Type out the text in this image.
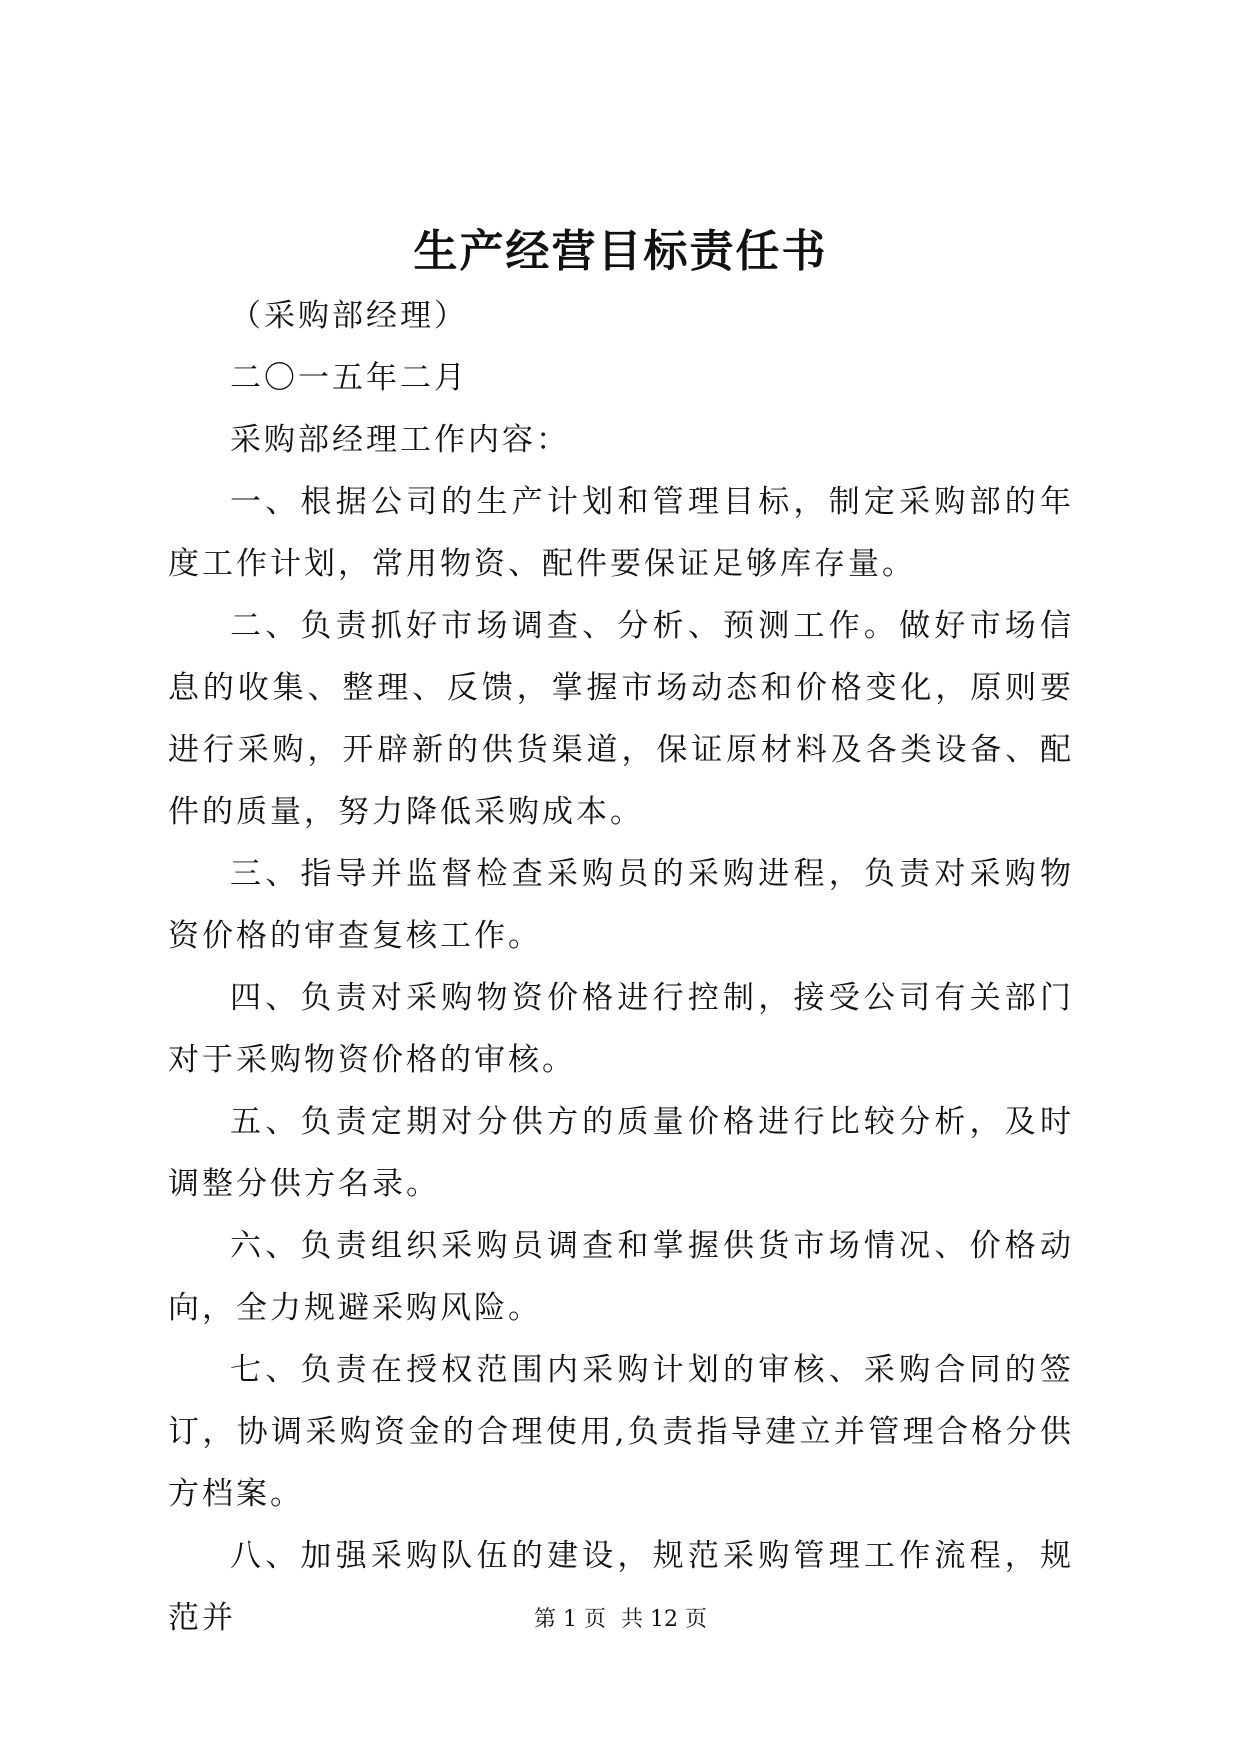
生产经营目标责任书

（采购部经理）

二〇一五年二月

采购部经理工作内容：

一、根据公司的生产计划和管理目标，制定采购部的年度工作计划，常用物资、配件要保证足够库存量。

二、负责抓好市场调查、分析、预测工作。做好市场信息的收集、整理、反馈，掌握市场动态和价格变化，原则要进行采购，开辟新的供货渠道，保证原材料及各类设备、配件的质量，努力降低采购成本。

三、指导并监督检查采购员的采购进程，负责对采购物资价格的审查复核工作。

四、负责对采购物资价格进行控制，接受公司有关部门对于采购物资价格的审核。

五、负责定期对分供方的质量价格进行比较分析，及时调整分供方名录。

六、负责组织采购员调查和掌握供货市场情况、价格动向，全力规避采购风险。

七、负责在授权范围内采购计划的审核、采购合同的签订，协调采购资金的合理使用,负责指导建立并管理合格分供方档案。

八、加强采购队伍的建设，规范采购管理工作流程，规范并	第 1 页 共 12 页
